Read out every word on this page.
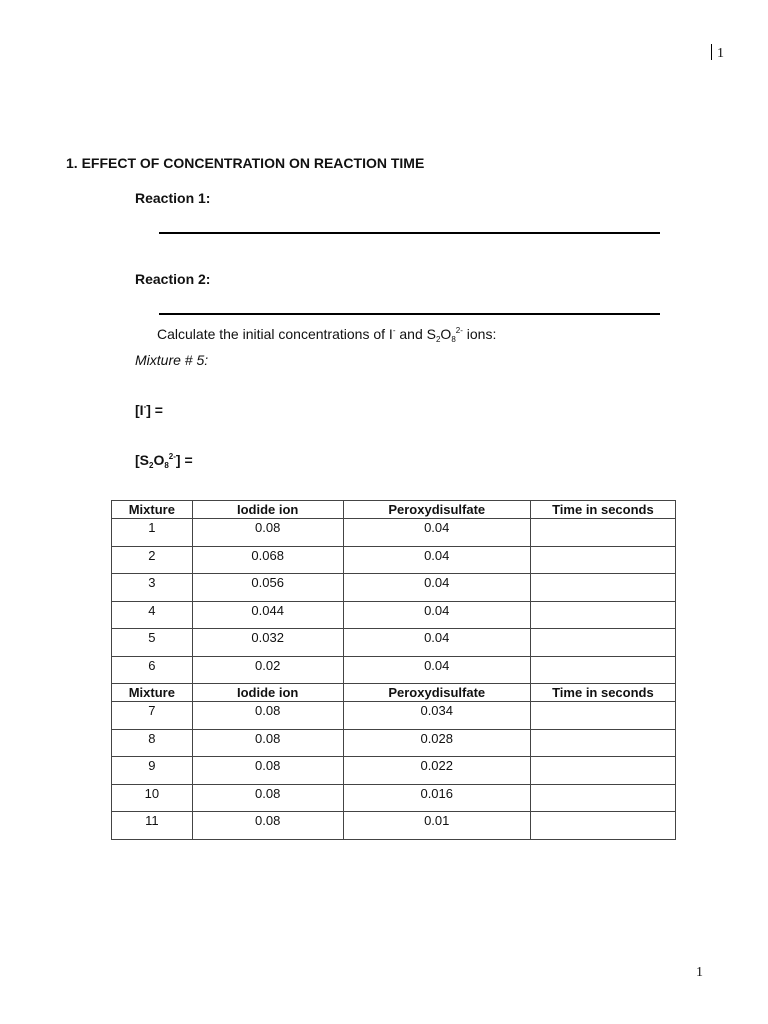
1
1. EFFECT OF CONCENTRATION ON REACTION TIME
Reaction 1:
Reaction 2:
Calculate the initial concentrations of I- and $S_2O_8^{2-}$ ions:
Mixture # 5:
[I-] =
$[S_2O_8^{2-}]$ =
Mixture	Iodide ion	Peroxydisulfate	Time in seconds
1	0.08	0.04	
2	0.068	0.04	
3	0.056	0.04	
4	0.044	0.04	
5	0.032	0.04	
6	0.02	0.04	
Mixture	Iodide ion	Peroxydisulfate	Time in seconds
7	0.08	0.034	
8	0.08	0.028	
9	0.08	0.022	
10	0.08	0.016	
11	0.08	0.01	
1
